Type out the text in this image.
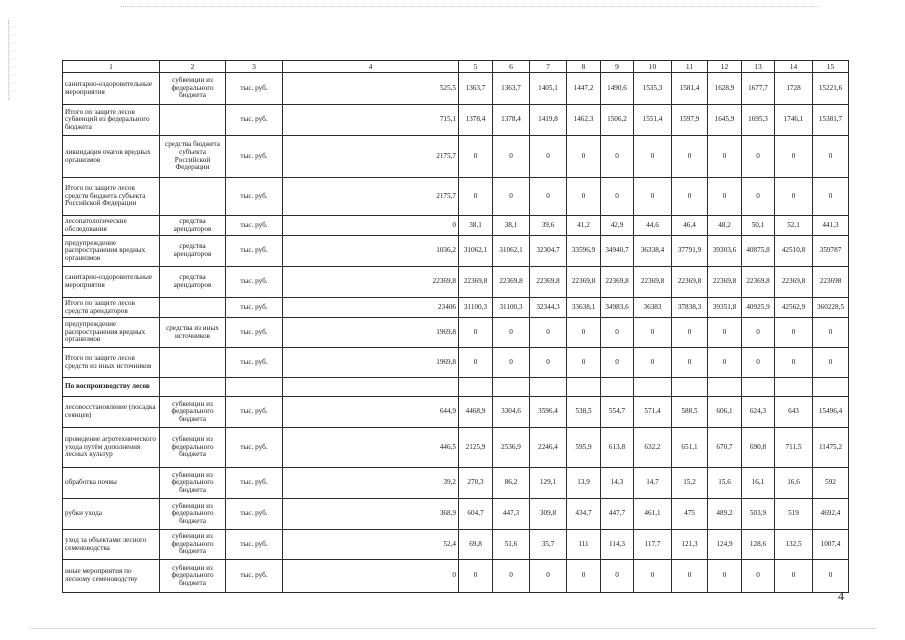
1	2	3	4	5	6	7	8	9	10	11	12	13	14	15
санитарно-оздоровительные мероприятия	субвенции из федерального бюджета	тыс. руб.	525,5	1363,7	1363,7	1405,1	1447,2	1490,6	1535,3	1581,4	1628,9	1677,7	1728	15221,6
Итого по защите лесов субвенций из федерального бюджета		тыс. руб.	715,1	1378,4	1378,4	1419,8	1462,3	1506,2	1551,4	1597,9	1645,9	1695,3	1746,1	15381,7
ликвидация очагов вредных организмов	средства бюджета субъекта Российской Федерации	тыс. руб.	2175,7	0	0	0	0	0	0	0	0	0	0	0
Итого по защите лесов средств бюджета субъекта Российской Федерации		тыс. руб.	2175,7	0	0	0	0	0	0	0	0	0	0	0
лесопатологические обследования	средства арендаторов	тыс. руб.	0	38,1	38,1	39,6	41,2	42,9	44,6	46,4	48,2	50,1	52,1	441,3
предупреждение распространения вредных организмов	средства арендаторов	тыс. руб.	1036,2	31062,1	31062,1	32304,7	33596,9	34940,7	36338,4	37791,9	39303,6	40875,8	42510,8	359787
санитарно-оздоровительные мероприятия	средства арендаторов	тыс. руб.	22369,8	22369,8	22369,8	22369,8	22369,8	22369,8	22369,8	22369,8	22369,8	22369,8	22369,8	223698
Итого по защите лесов средств арендаторов		тыс. руб.	23406	31100,3	31100,3	32344,3	33638,1	34983,6	36383	37838,3	39351,8	40925,9	42562,9	360228,5
предупреждение распространения вредных организмов	средства из иных источников	тыс. руб.	1969,8	0	0	0	0	0	0	0	0	0	0	0
Итого по защите лесов средств из иных источников		тыс. руб.	1969,8	0	0	0	0	0	0	0	0	0	0	0
По воспроизводству лесов														
лесовосстановление (посадка сеянцев)	субвенции из федерального бюджета	тыс. руб.	644,9	4468,9	3304,6	3596,4	538,5	554,7	571,4	588,5	606,1	624,3	643	15496,4
проведение агротехнического ухода путём дополнения лесных культур	субвенции из федерального бюджета	тыс. руб.	446,5	2125,9	2536,9	2246,4	595,9	613,8	632,2	651,1	670,7	690,8	711,5	11475,2
обработка почвы	субвенции из федерального бюджета	тыс. руб.	39,2	270,3	86,2	129,1	13,9	14,3	14,7	15,2	15,6	16,1	16,6	592
рубки ухода	субвенции из федерального бюджета	тыс. руб.	368,9	604,7	447,3	309,8	434,7	447,7	461,1	475	489,2	503,9	519	4692,4
уход за объектами лесного семеноводства	субвенции из федерального бюджета	тыс. руб.	52,4	69,8	51,6	35,7	111	114,3	117,7	121,3	124,9	128,6	132,5	1007,4
иные мероприятия по лесному семеноводству	субвенции из федерального бюджета	тыс. руб.	0	0	0	0	0	0	0	0	0	0	0	0
4
